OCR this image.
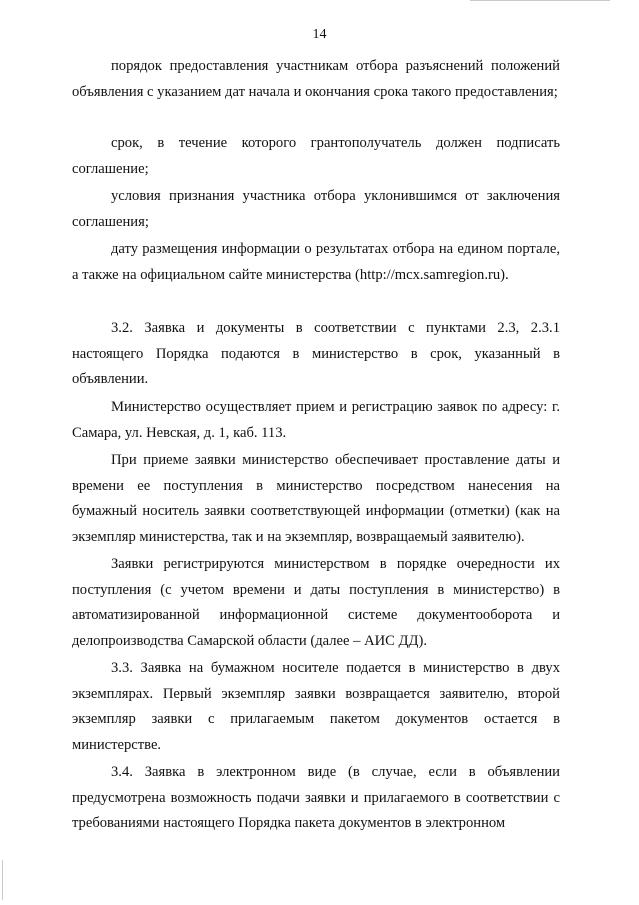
14

порядок предоставления участникам отбора разъяснений положений объявления с указанием дат начала и окончания срока такого предоставления;

срок, в течение которого грантополучатель должен подписать соглашение;

условия признания участника отбора уклонившимся от заключения соглашения;

дату размещения информации о результатах отбора на едином портале, а также на официальном сайте министерства (http://mcx.samregion.ru).

3.2. Заявка и документы в соответствии с пунктами 2.3, 2.3.1 настоящего Порядка подаются в министерство в срок, указанный в объявлении.

Министерство осуществляет прием и регистрацию заявок по адресу: г. Самара, ул. Невская, д. 1, каб. 113.

При приеме заявки министерство обеспечивает проставление даты и времени ее поступления в министерство посредством нанесения на бумажный носитель заявки соответствующей информации (отметки) (как на экземпляр министерства, так и на экземпляр, возвращаемый заявителю).

Заявки регистрируются министерством в порядке очередности их поступления (с учетом времени и даты поступления в министерство) в автоматизированной информационной системе документооборота и делопроизводства Самарской области (далее – АИС ДД).

3.3. Заявка на бумажном носителе подается в министерство в двух экземплярах. Первый экземпляр заявки возвращается заявителю, второй экземпляр заявки с прилагаемым пакетом документов остается в министерстве.

3.4. Заявка в электронном виде (в случае, если в объявлении предусмотрена возможность подачи заявки и прилагаемого в соответствии с требованиями настоящего Порядка пакета документов в электронном
